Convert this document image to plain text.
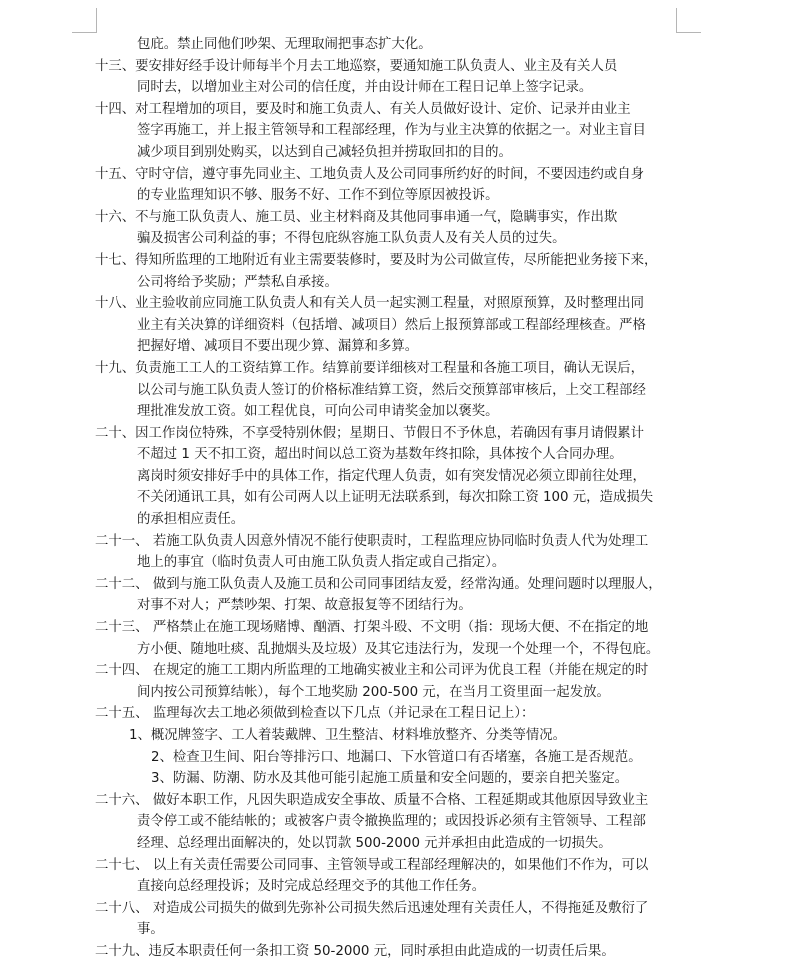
包庇。禁止同他们吵架、无理取闹把事态扩大化。
十三、要安排好经手设计师每半个月去工地巡察，要通知施工队负责人、业主及有关人员
同时去，以增加业主对公司的信任度，并由设计师在工程日记单上签字记录。
十四、对工程增加的项目，要及时和施工负责人、有关人员做好设计、定价、记录并由业主
签字再施工，并上报主管领导和工程部经理，作为与业主决算的依据之一。对业主盲目
减少项目到别处购买，以达到自己减轻负担并捞取回扣的目的。
十五、守时守信，遵守事先同业主、工地负责人及公司同事所约好的时间，不要因违约或自身
的专业监理知识不够、服务不好、工作不到位等原因被投诉。
十六、不与施工队负责人、施工员、业主材料商及其他同事串通一气，隐瞒事实，作出欺
骗及损害公司利益的事；不得包庇纵容施工队负责人及有关人员的过失。
十七、得知所监理的工地附近有业主需要装修时，要及时为公司做宣传，尽所能把业务接下来，
公司将给予奖励；严禁私自承接。
十八、业主验收前应同施工队负责人和有关人员一起实测工程量，对照原预算，及时整理出同
业主有关决算的详细资料（包括增、减项目）然后上报预算部或工程部经理核查。严格
把握好增、减项目不要出现少算、漏算和多算。
十九、负责施工工人的工资结算工作。结算前要详细核对工程量和各施工项目，确认无误后，
以公司与施工队负责人签订的价格标准结算工资，然后交预算部审核后，上交工程部经
理批准发放工资。如工程优良，可向公司申请奖金加以褒奖。
二十、因工作岗位特殊，不享受特别休假；星期日、节假日不予休息，若确因有事月请假累计
不超过 1 天不扣工资，超出时间以总工资为基数年终扣除，具体按个人合同办理。
离岗时须安排好手中的具体工作，指定代理人负责，如有突发情况必须立即前往处理，
不关闭通讯工具，如有公司两人以上证明无法联系到，每次扣除工资 100 元，造成损失
的承担相应责任。
二十一、 若施工队负责人因意外情况不能行使职责时，工程监理应协同临时负责人代为处理工
地上的事宜（临时负责人可由施工队负责人指定或自己指定）。
二十二、 做到与施工队负责人及施工员和公司同事团结友爱，经常沟通。处理问题时以理服人，
对事不对人；严禁吵架、打架、故意报复等不团结行为。
二十三、 严格禁止在施工现场赌博、酗酒、打架斗殴、不文明（指：现场大便、不在指定的地
方小便、随地吐痰、乱抛烟头及垃圾）及其它违法行为，发现一个处理一个，不得包庇。
二十四、 在规定的施工工期内所监理的工地确实被业主和公司评为优良工程（并能在规定的时
间内按公司预算结帐），每个工地奖励 200-500 元，在当月工资里面一起发放。
二十五、 监理每次去工地必须做到检查以下几点（并记录在工程日记上）：
1、概况牌签字、工人着装戴牌、卫生整洁、材料堆放整齐、分类等情况。
2、检查卫生间、阳台等排污口、地漏口、下水管道口有否堵塞，各施工是否规范。
3、防漏、防潮、防水及其他可能引起施工质量和安全问题的，要亲自把关鉴定。
二十六、 做好本职工作，凡因失职造成安全事故、质量不合格、工程延期或其他原因导致业主
责令停工或不能结帐的；或被客户责令撤换监理的；或因投诉必须有主管领导、工程部
经理、总经理出面解决的，处以罚款 500-2000 元并承担由此造成的一切损失。
二十七、 以上有关责任需要公司同事、主管领导或工程部经理解决的，如果他们不作为，可以
直接向总经理投诉；及时完成总经理交予的其他工作任务。
二十八、 对造成公司损失的做到先弥补公司损失然后迅速处理有关责任人，不得拖延及敷衍了
事。
二十九、违反本职责任何一条扣工资 50-2000 元，同时承担由此造成的一切责任后果。
